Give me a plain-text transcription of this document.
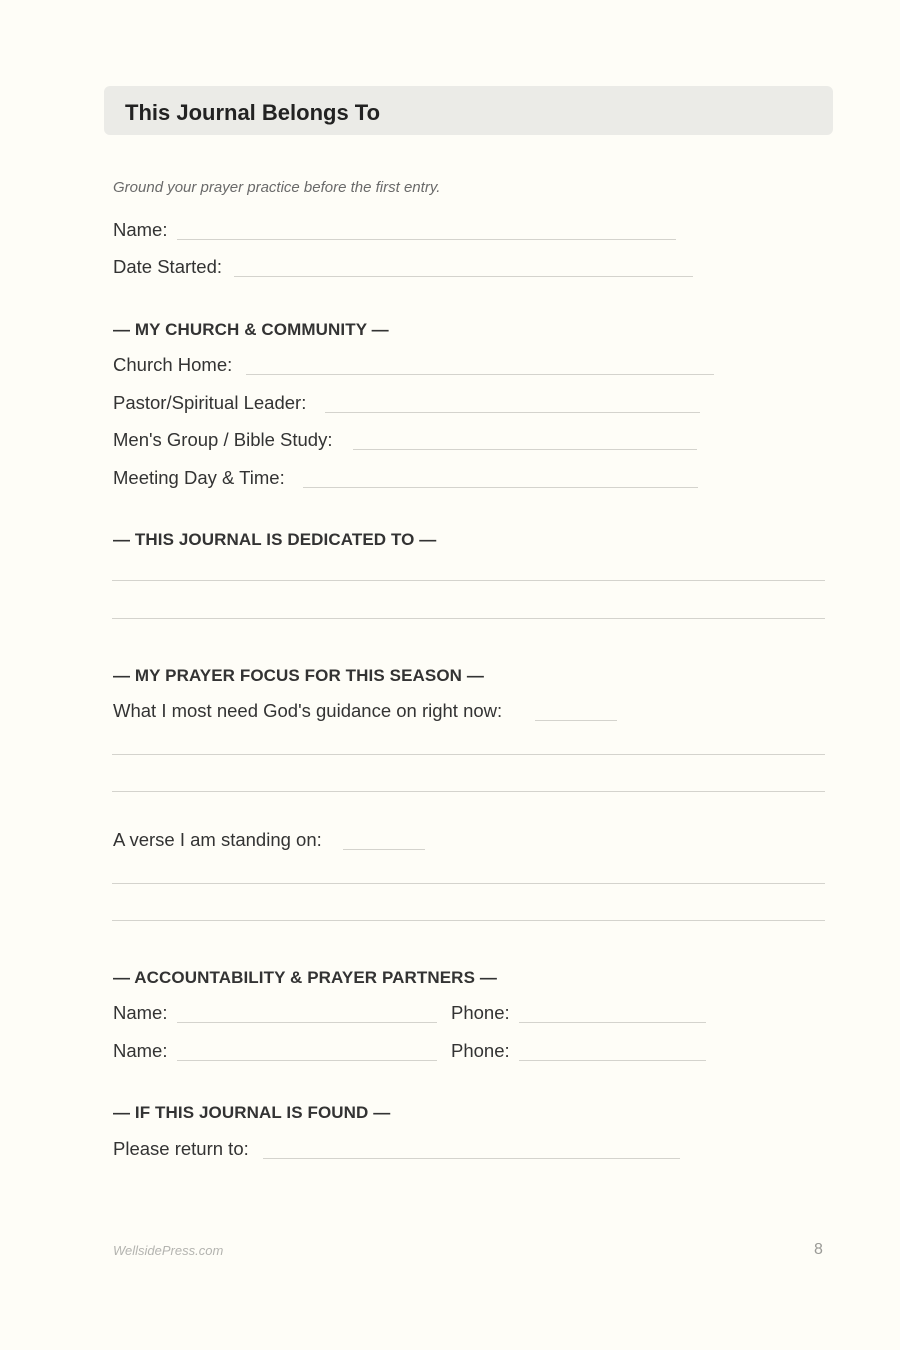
This Journal Belongs To
Ground your prayer practice before the first entry.
Name:
Date Started:
— MY CHURCH & COMMUNITY —
Church Home:
Pastor/Spiritual Leader:
Men's Group / Bible Study:
Meeting Day & Time:
— THIS JOURNAL IS DEDICATED TO —
— MY PRAYER FOCUS FOR THIS SEASON —
What I most need God's guidance on right now:
A verse I am standing on:
— ACCOUNTABILITY & PRAYER PARTNERS —
Name:	Phone:
Name:	Phone:
— IF THIS JOURNAL IS FOUND —
Please return to:
WellsidePress.com	8
